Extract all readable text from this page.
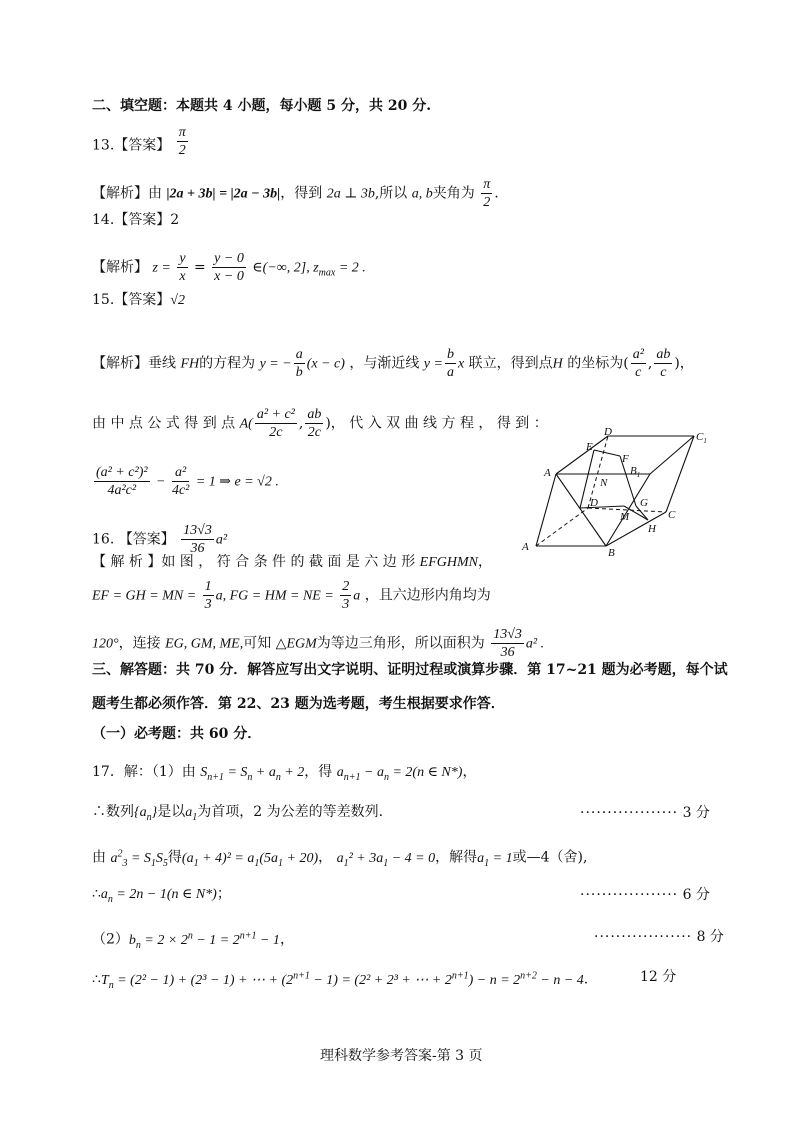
二、填空题：本题共 4 小题，每小题 5 分，共 20 分.
13.【答案】 $\frac{\pi}{2}$
【解析】由 |2a + 3b| = |2a − 3b|，得到 2a ⊥ 3b,所以 a, b夹角为 $\frac{\pi}{2}$ .
14.【答案】2
【解析】 $z = \frac{y}{x} = \frac{y - 0}{x - 0}$ ∈(−∞, 2], $z_{max} = 2$ .
15.【答案】√2
【解析】垂线 FH的方程为 y = − $\frac{a}{b} (x - c)$ ，与渐近线 $y = \frac{b}{a}$ x 联立，得到点H 的坐标为( $\frac{\text{a²}}{c}$ , $\frac{ab}{c}$ )，
由 中 点 公 式 得 到 点 $A( \frac{\text{a² + c²}}{2c}$ , $\frac{ab}{2c}$ )， 代 入 双 曲 线 方 程 ， 得 到 ：
$\frac{\text{(a² + c²)²}}{\text{4a²c²}} - \frac{\text{a²}}{\text{4c²}} = 1$ ⇒ e = √2 .
D	$C_1$
E
F
$B_1$
A
N
D	G
M	C
H
A	B
16. 【答案】 $\frac{13√3}{36} a^2$
【 解 析 】如 图 ， 符 合 条 件 的 截 面 是 六 边 形 EFGHMN，
EF = GH = MN = $\frac{1}{3} a$, FG = HM = NE = $\frac{2}{3}$ a ，且六边形内角均为
120°，连接 EG, GM, ME,可知 △EGM为等边三角形，所以面积为 $\frac{13√3}{36} a^2$ .
三、解答题：共 70 分．解答应写出文字说明、证明过程或演算步骤．第 17~21 题为必考题，每个试
题考生都必须作答．第 22、23 题为选考题，考生根据要求作答．
（一）必考题：共 60 分．
17．解：（1）由 $S_{n+1} = S_n + a_n + 2$，得 $a_{n+1} - a_n = 2(n$ ∈ N*)，
∴数列$\{a_n\}$是以$a_1$为首项，2 为公差的等差数列.	·················· 3 分
由 $a^2_3 = S_1S_5$得$(a_1 + 4)^2 = a_1(5a_1 + 20)$， $a_1^2 + 3a_1 - 4 = 0$，解得$a_1 = 1$或—4（舍),
$\therefore a_n = 2n - 1(n$ ∈ N*)；	·················· 6 分
$(2)b_n = 2 \times 2^n - 1 = 2^{n+1} - 1$，	·················· 8 分
$\therefore T_n = (2^2 - 1) + (2^3 - 1)$ + ⋯ + $(2^{n+1} - 1) = (2^2 + 2^3$ + ⋯ + $2^{n+1}) - n = 2^{n+2} - n - 4$.	12 分
理科数学参考答案-第 3 页
